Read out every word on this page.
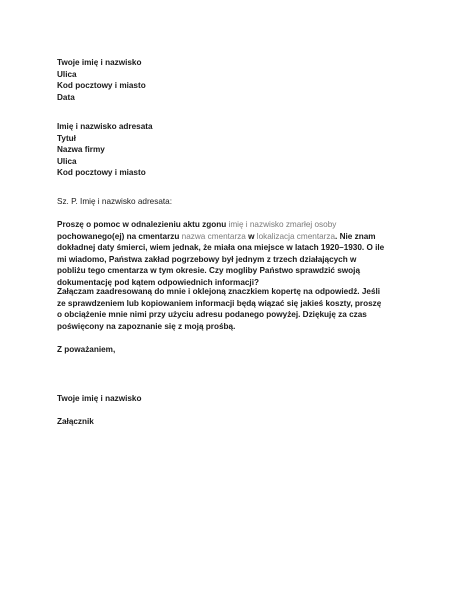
Twoje imię i nazwisko
Ulica
Kod pocztowy i miasto
Data
Imię i nazwisko adresata
Tytuł
Nazwa firmy
Ulica
Kod pocztowy i miasto
Sz. P. Imię i nazwisko adresata:

Proszę o pomoc w odnalezieniu aktu zgonu imię i nazwisko zmarłej osoby pochowanego(ej) na cmentarzu nazwa cmentarza w lokalizacja cmentarza. Nie znam dokładnej daty śmierci, wiem jednak, że miała ona miejsce w latach 1920–1930. O ile mi wiadomo, Państwa zakład pogrzebowy był jednym z trzech działających w pobliżu tego cmentarza w tym okresie. Czy mogliby Państwo sprawdzić swoją dokumentację pod kątem odpowiednich informacji?

Załączam zaadresowaną do mnie i oklejoną znaczkiem kopertę na odpowiedź. Jeśli ze sprawdzeniem lub kopiowaniem informacji będą wiązać się jakieś koszty, proszę o obciążenie mnie nimi przy użyciu adresu podanego powyżej. Dziękuję za czas poświęcony na zapoznanie się z moją prośbą.

Z poważaniem,
Twoje imię i nazwisko
Załącznik
